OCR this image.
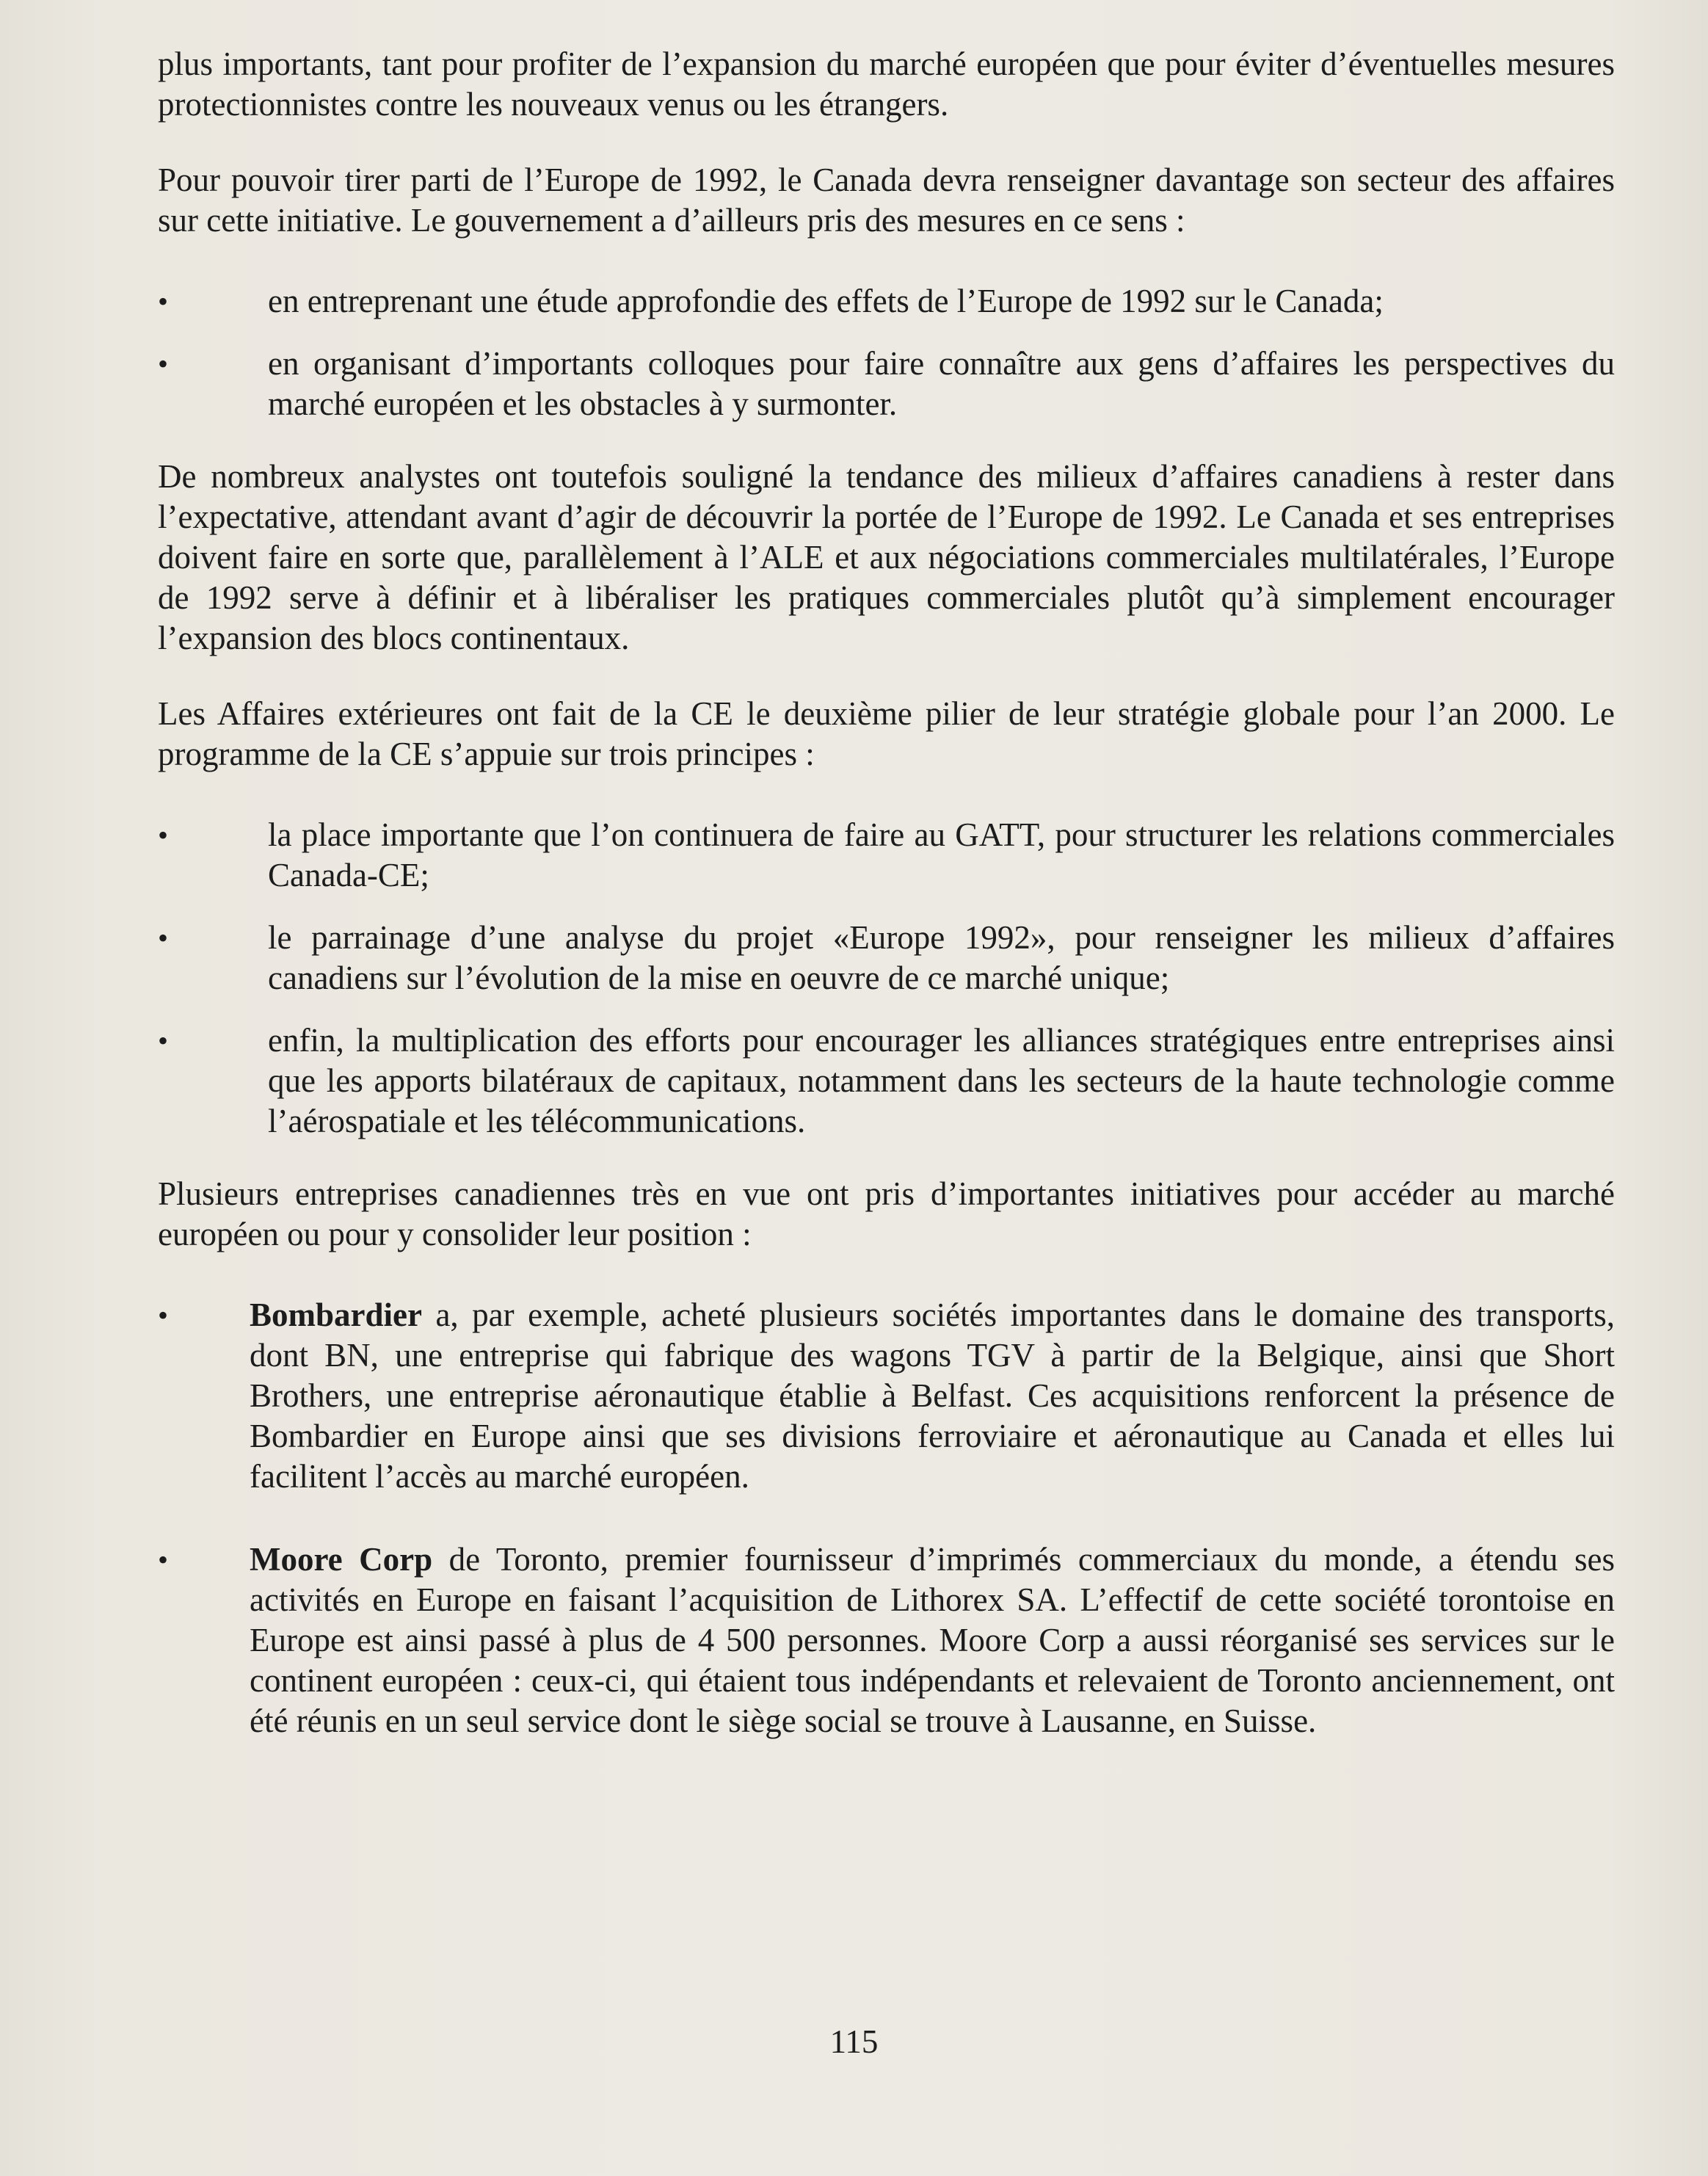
plus importants, tant pour profiter de l’expansion du marché européen que pour éviter d’éventuelles mesures protectionnistes contre les nouveaux venus ou les étrangers.

Pour pouvoir tirer parti de l’Europe de 1992, le Canada devra renseigner davantage son secteur des affaires sur cette initiative. Le gouvernement a d’ailleurs pris des mesures en ce sens :

•	en entreprenant une étude approfondie des effets de l’Europe de 1992 sur le Canada;
•	en organisant d’importants colloques pour faire connaître aux gens d’affaires les perspectives du marché européen et les obstacles à y surmonter.

De nombreux analystes ont toutefois souligné la tendance des milieux d’affaires canadiens à rester dans l’expectative, attendant avant d’agir de découvrir la portée de l’Europe de 1992. Le Canada et ses entreprises doivent faire en sorte que, parallèlement à l’ALE et aux négociations commerciales multilatérales, l’Europe de 1992 serve à définir et à libéraliser les pratiques commerciales plutôt qu’à simplement encourager l’expansion des blocs continentaux.

Les Affaires extérieures ont fait de la CE le deuxième pilier de leur stratégie globale pour l’an 2000. Le programme de la CE s’appuie sur trois principes :

•	la place importante que l’on continuera de faire au GATT, pour structurer les relations commerciales Canada-CE;
•	le parrainage d’une analyse du projet «Europe 1992», pour renseigner les milieux d’affaires canadiens sur l’évolution de la mise en oeuvre de ce marché unique;
•	enfin, la multiplication des efforts pour encourager les alliances stratégiques entre entreprises ainsi que les apports bilatéraux de capitaux, notamment dans les secteurs de la haute technologie comme l’aérospatiale et les télécommunications.

Plusieurs entreprises canadiennes très en vue ont pris d’importantes initiatives pour accéder au marché européen ou pour y consolider leur position :

• Bombardier a, par exemple, acheté plusieurs sociétés importantes dans le domaine des transports, dont BN, une entreprise qui fabrique des wagons TGV à partir de la Belgique, ainsi que Short Brothers, une entreprise aéronautique établie à Belfast. Ces acquisitions renforcent la présence de Bombardier en Europe ainsi que ses divisions ferroviaire et aéronautique au Canada et elles lui facilitent l’accès au marché européen.
• Moore Corp de Toronto, premier fournisseur d’imprimés commerciaux du monde, a étendu ses activités en Europe en faisant l’acquisition de Lithorex SA. L’effectif de cette société torontoise en Europe est ainsi passé à plus de 4 500 personnes. Moore Corp a aussi réorganisé ses services sur le continent européen : ceux-ci, qui étaient tous indépendants et relevaient de Toronto anciennement, ont été réunis en un seul service dont le siège social se trouve à Lausanne, en Suisse.
115
